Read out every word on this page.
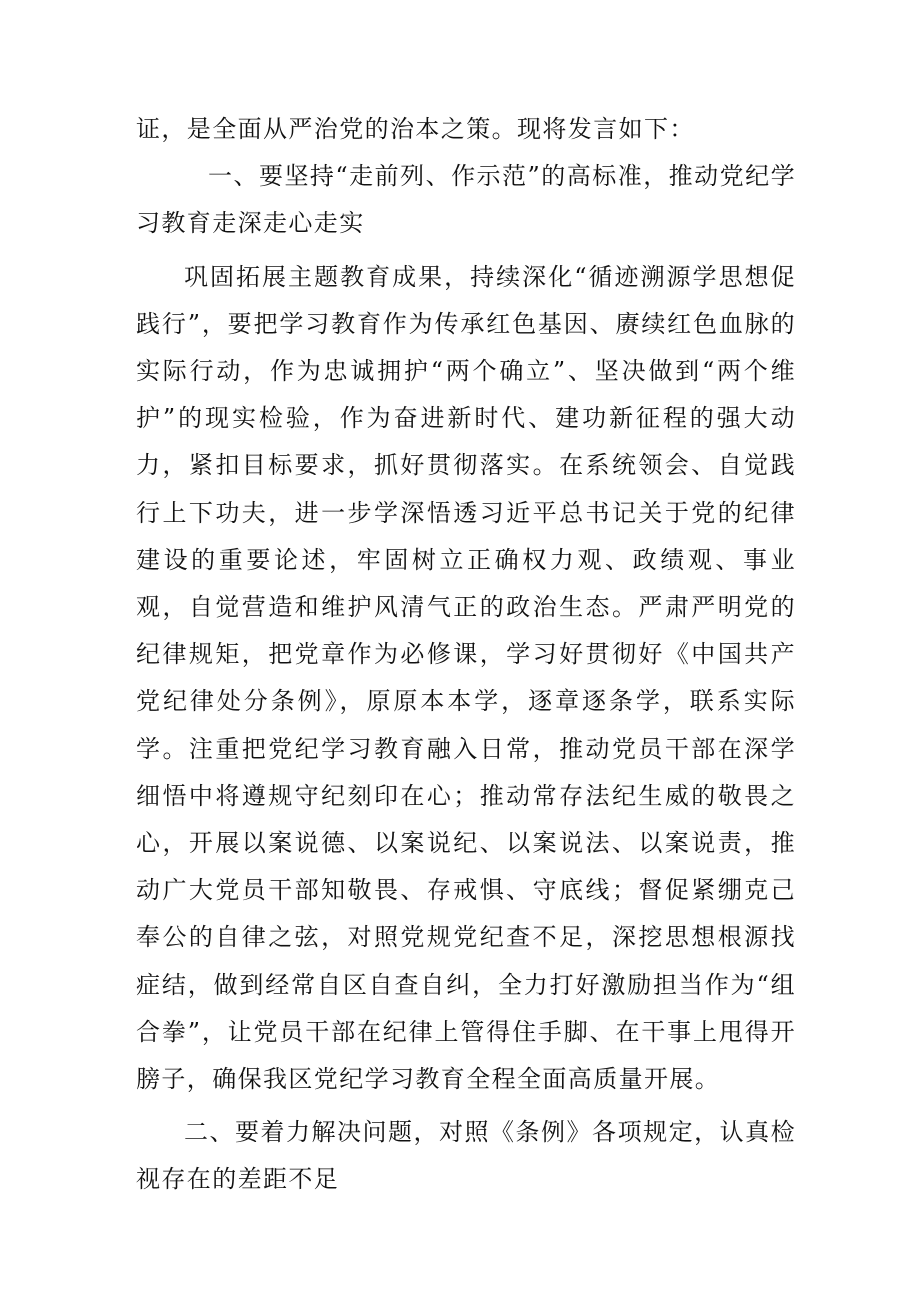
证，是全面从严治党的治本之策。现将发言如下：

一、要坚持“走前列、作示范”的高标准，推动党纪学习教育走深走心走实

巩固拓展主题教育成果，持续深化“循迹溯源学思想促践行”，要把学习教育作为传承红色基因、赓续红色血脉的实际行动，作为忠诚拥护“两个确立”、坚决做到“两个维护”的现实检验，作为奋进新时代、建功新征程的强大动力，紧扣目标要求，抓好贯彻落实。在系统领会、自觉践行上下功夫，进一步学深悟透习近平总书记关于党的纪律建设的重要论述，牢固树立正确权力观、政绩观、事业观，自觉营造和维护风清气正的政治生态。严肃严明党的纪律规矩，把党章作为必修课，学习好贯彻好《中国共产党纪律处分条例》，原原本本学，逐章逐条学，联系实际学。注重把党纪学习教育融入日常，推动党员干部在深学细悟中将遵规守纪刻印在心；推动常存法纪生威的敬畏之心，开展以案说德、以案说纪、以案说法、以案说责，推动广大党员干部知敬畏、存戒惧、守底线；督促紧绷克己奉公的自律之弦，对照党规党纪查不足，深挖思想根源找症结，做到经常自区自查自纠，全力打好激励担当作为“组合拳”，让党员干部在纪律上管得住手脚、在干事上甩得开膀子，确保我区党纪学习教育全程全面高质量开展。

二、要着力解决问题，对照《条例》各项规定，认真检视存在的差距不足
